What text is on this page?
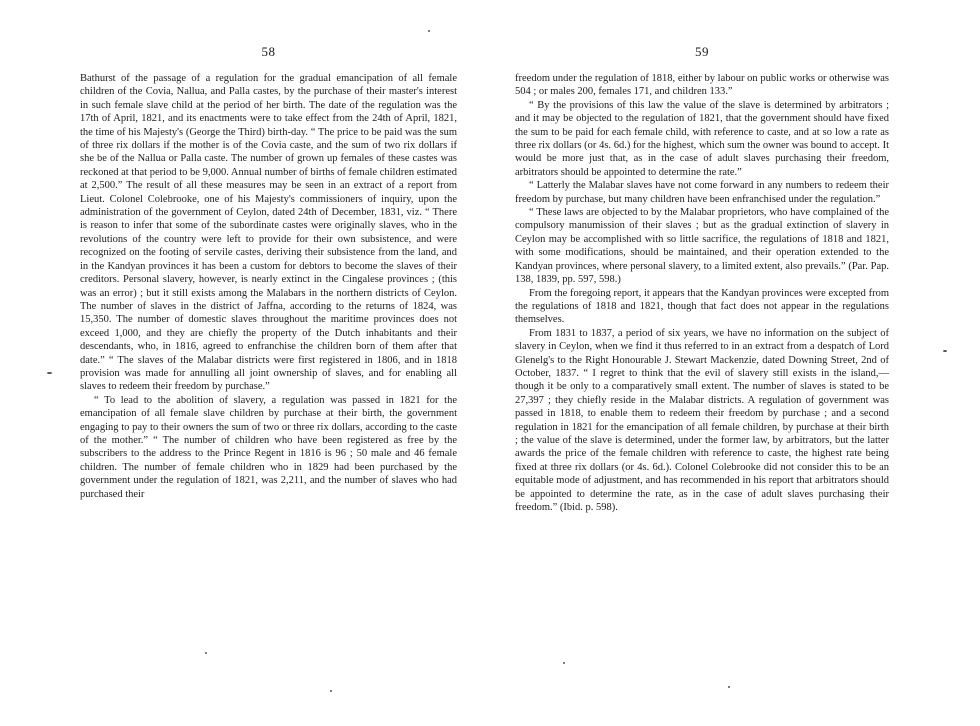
58

Bathurst of the passage of a regulation for the gradual emancipation of all female children of the Covia, Nallua, and Palla castes, by the purchase of their master's interest in such female slave child at the period of her birth. The date of the regulation was the 17th of April, 1821, and its enactments were to take effect from the 24th of April, 1821, the time of his Majesty's (George the Third) birth-day. “ The price to be paid was the sum of three rix dollars if the mother is of the Covia caste, and the sum of two rix dollars if she be of the Nallua or Palla caste. The number of grown up females of these castes was reckoned at that period to be 9,000. Annual number of births of female children estimated at 2,500.” The result of all these measures may be seen in an extract of a report from Lieut. Colonel Colebrooke, one of his Majesty's commissioners of inquiry, upon the administration of the government of Ceylon, dated 24th of December, 1831, viz. “ There is reason to infer that some of the subordinate castes were originally slaves, who in the revolutions of the country were left to provide for their own subsistence, and were recognized on the footing of servile castes, deriving their subsistence from the land, and in the Kandyan provinces it has been a custom for debtors to become the slaves of their creditors. Personal slavery, however, is nearly extinct in the Cingalese provinces ; (this was an error) ; but it still exists among the Malabars in the northern districts of Ceylon. The number of slaves in the district of Jaffna, according to the returns of 1824, was 15,350. The number of domestic slaves throughout the maritime provinces does not exceed 1,000, and they are chiefly the property of the Dutch inhabitants and their descendants, who, in 1816, agreed to enfranchise the children born of them after that date.” “ The slaves of the Malabar districts were first registered in 1806, and in 1818 provision was made for annulling all joint ownership of slaves, and for enabling all slaves to redeem their freedom by purchase.”

“ To lead to the abolition of slavery, a regulation was passed in 1821 for the emancipation of all female slave children by purchase at their birth, the government engaging to pay to their owners the sum of two or three rix dollars, according to the caste of the mother.” “ The number of children who have been registered as free by the subscribers to the address to the Prince Regent in 1816 is 96 ; 50 male and 46 female children. The number of female children who in 1829 had been purchased by the government under the regulation of 1821, was 2,211, and the number of slaves who had purchased their

59

freedom under the regulation of 1818, either by labour on public works or otherwise was 504 ; or males 200, females 171, and children 133.”

“ By the provisions of this law the value of the slave is determined by arbitrators ; and it may be objected to the regulation of 1821, that the government should have fixed the sum to be paid for each female child, with reference to caste, and at so low a rate as three rix dollars (or 4s. 6d.) for the highest, which sum the owner was bound to accept. It would be more just that, as in the case of adult slaves purchasing their freedom, arbitrators should be appointed to determine the rate.”

“ Latterly the Malabar slaves have not come forward in any numbers to redeem their freedom by purchase, but many children have been enfranchised under the regulation.”

“ These laws are objected to by the Malabar proprietors, who have complained of the compulsory manumission of their slaves ; but as the gradual extinction of slavery in Ceylon may be accomplished with so little sacrifice, the regulations of 1818 and 1821, with some modifications, should be maintained, and their operation extended to the Kandyan provinces, where personal slavery, to a limited extent, also prevails.” (Par. Pap. 138, 1839, pp. 597, 598.)

From the foregoing report, it appears that the Kandyan provinces were excepted from the regulations of 1818 and 1821, though that fact does not appear in the regulations themselves.

From 1831 to 1837, a period of six years, we have no information on the subject of slavery in Ceylon, when we find it thus referred to in an extract from a despatch of Lord Glenelg's to the Right Honourable J. Stewart Mackenzie, dated Downing Street, 2nd of October, 1837. “ I regret to think that the evil of slavery still exists in the island,—though it be only to a comparatively small extent. The number of slaves is stated to be 27,397 ; they chiefly reside in the Malabar districts. A regulation of government was passed in 1818, to enable them to redeem their freedom by purchase ; and a second regulation in 1821 for the emancipation of all female children, by purchase at their birth ; the value of the slave is determined, under the former law, by arbitrators, but the latter awards the price of the female children with reference to caste, the highest rate being fixed at three rix dollars (or 4s. 6d.). Colonel Colebrooke did not consider this to be an equitable mode of adjustment, and has recommended in his report that arbitrators should be appointed to determine the rate, as in the case of adult slaves purchasing their freedom.” (Ibid. p. 598).
